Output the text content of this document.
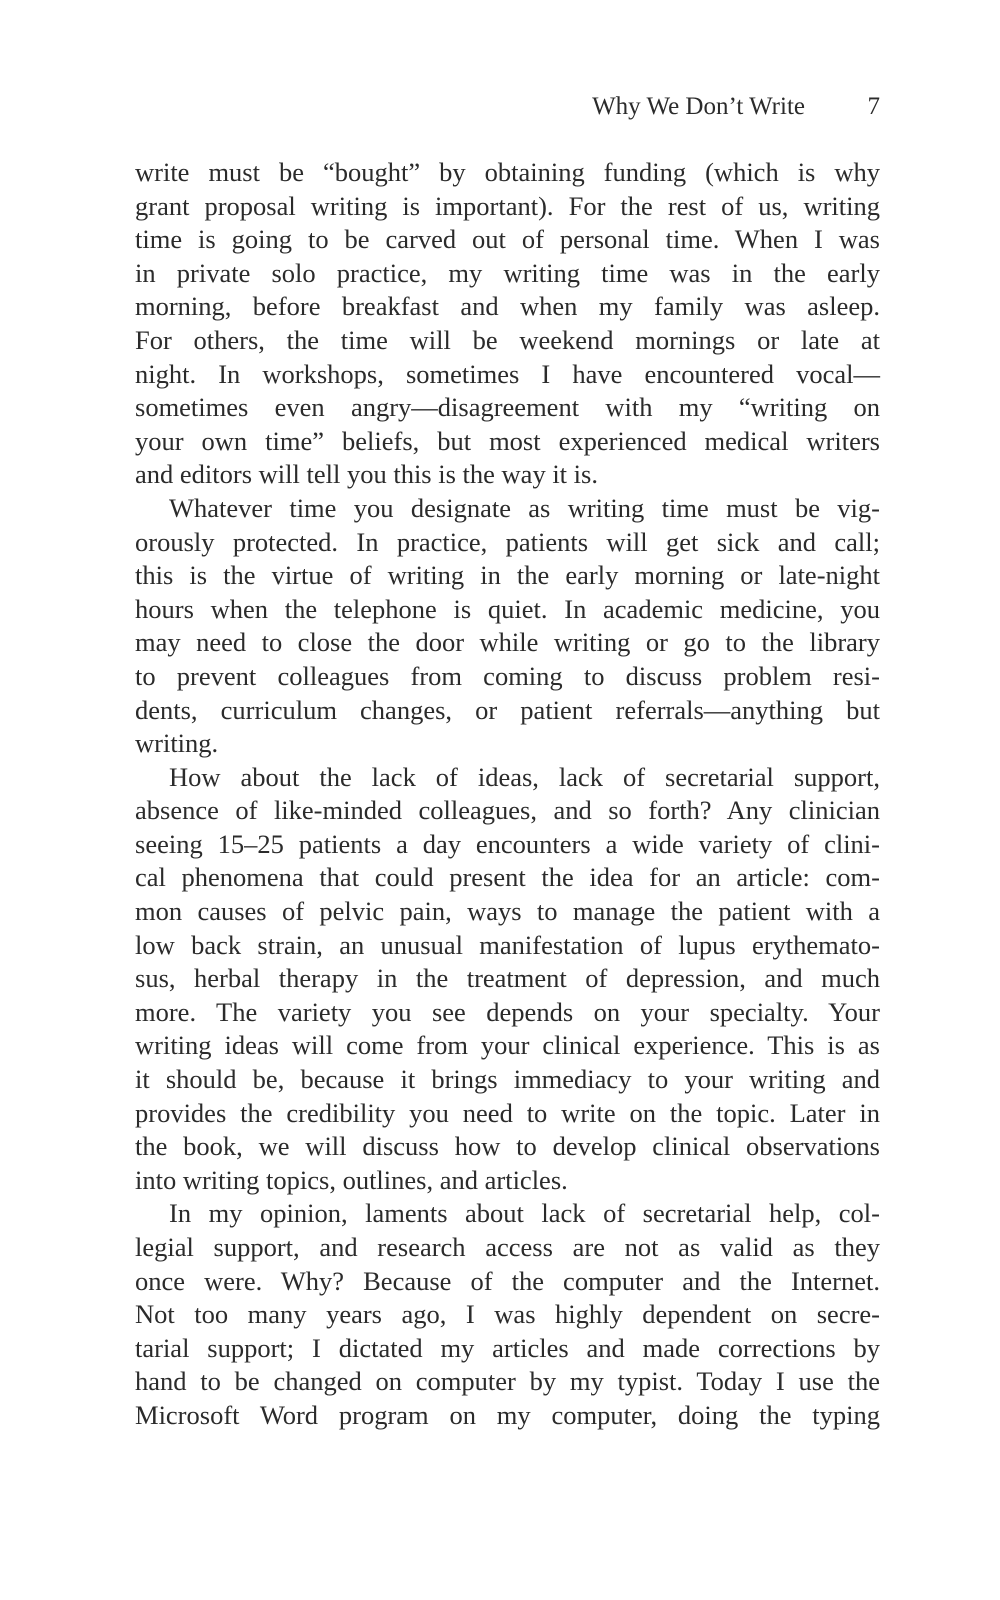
Why We Don’t Write	7
write must be “bought” by obtaining funding (which is why
grant proposal writing is important). For the rest of us, writing
time is going to be carved out of personal time. When I was
in private solo practice, my writing time was in the early
morning, before breakfast and when my family was asleep.
For others, the time will be weekend mornings or late at
night. In workshops, sometimes I have encountered vocal—
sometimes even angry—disagreement with my “writing on
your own time” beliefs, but most experienced medical writers
and editors will tell you this is the way it is.
Whatever time you designate as writing time must be vig-
orously protected. In practice, patients will get sick and call;
this is the virtue of writing in the early morning or late-night
hours when the telephone is quiet. In academic medicine, you
may need to close the door while writing or go to the library
to prevent colleagues from coming to discuss problem resi-
dents, curriculum changes, or patient referrals—anything but
writing.
How about the lack of ideas, lack of secretarial support,
absence of like-minded colleagues, and so forth? Any clinician
seeing 15–25 patients a day encounters a wide variety of clini-
cal phenomena that could present the idea for an article: com-
mon causes of pelvic pain, ways to manage the patient with a
low back strain, an unusual manifestation of lupus erythemato-
sus, herbal therapy in the treatment of depression, and much
more. The variety you see depends on your specialty. Your
writing ideas will come from your clinical experience. This is as
it should be, because it brings immediacy to your writing and
provides the credibility you need to write on the topic. Later in
the book, we will discuss how to develop clinical observations
into writing topics, outlines, and articles.
In my opinion, laments about lack of secretarial help, col-
legial support, and research access are not as valid as they
once were. Why? Because of the computer and the Internet.
Not too many years ago, I was highly dependent on secre-
tarial support; I dictated my articles and made corrections by
hand to be changed on computer by my typist. Today I use the
Microsoft Word program on my computer, doing the typing
